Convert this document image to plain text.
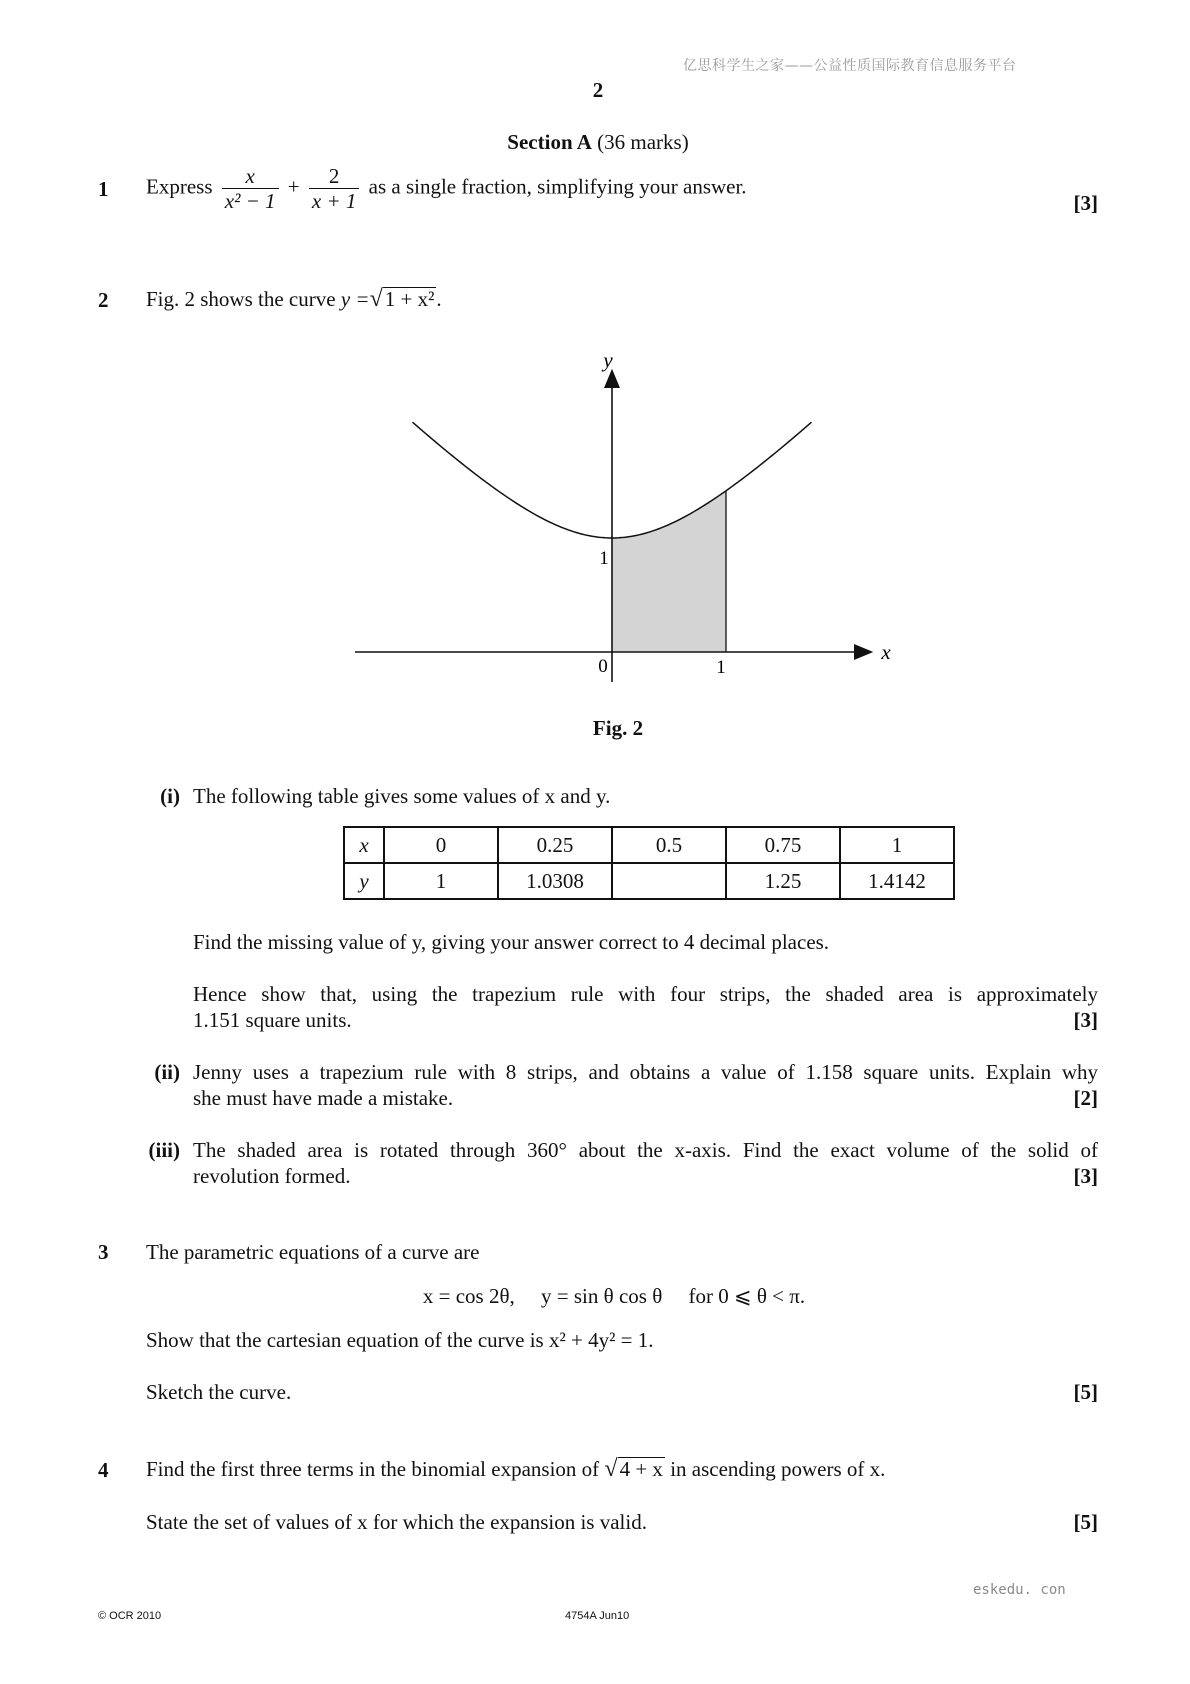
亿思科学生之家——公益性质国际教育信息服务平台
2
Section A (36 marks)
1 Express $\frac{x}{\text{x² − 1}} + \frac{2}{x + 1}$ as a single fraction, simplifying your answer.
[3]
2 Fig. 2 shows the curve y =√1 + x².
y
x
0	1
1
Fig. 2
(i) The following table gives some values of x and y.
x	0	0.25	0.5	0.75	1
y	1	1.0308		1.25	1.4142
Find the missing value of y, giving your answer correct to 4 decimal places.
Hence show that, using the trapezium rule with four strips, the shaded area is approximately
1.151 square units.	[3]
(ii) Jenny uses a trapezium rule with 8 strips, and obtains a value of 1.158 square units. Explain why
she must have made a mistake.	[2]
(iii) The shaded area is rotated through 360° about the x-axis. Find the exact volume of the solid of
revolution formed.	[3]
3 The parametric equations of a curve are
x = cos 2θ,     y = sin θ cos θ     for 0 ⩽ θ < π.
Show that the cartesian equation of the curve is x² + 4y² = 1.
Sketch the curve.	[5]
4 Find the first three terms in the binomial expansion of √4 + x in ascending powers of x.
State the set of values of x for which the expansion is valid.	[5]
eskedu. con
© OCR 2010	4754A Jun10
